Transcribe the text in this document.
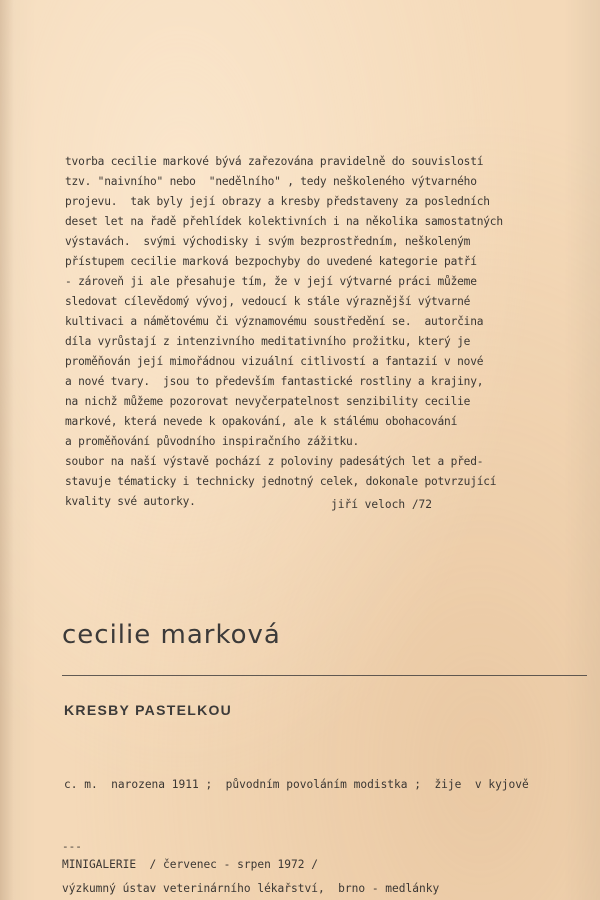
tvorba cecilie markové bývá zařezována pravidelně do souvislostí
tzv. "naivního" nebo  "nedělního" , tedy neškoleného výtvarného
projevu.  tak byly její obrazy a kresby představeny za posledních
deset let na řadě přehlídek kolektivních i na několika samostatných
výstavách.  svými východisky i svým bezprostředním, neškoleným
přístupem cecilie marková bezpochyby do uvedené kategorie patří
- zároveň ji ale přesahuje tím, že v její výtvarné práci můžeme
sledovat cílevědomý vývoj, vedoucí k stále výraznější výtvarné
kultivaci a námětovému či významovému soustředění se.  autorčina
díla vyrůstají z intenzivního meditativního prožitku, který je
proměňován její mimořádnou vizuální citlivostí a fantazií v nové
a nové tvary.  jsou to především fantastické rostliny a krajiny,
na nichž můžeme pozorovat nevyčerpatelnost senzibility cecilie
markové, která nevede k opakování, ale k stálému obohacování
a proměňování původního inspiračního zážitku.
soubor na naší výstavě pochází z poloviny padesátých let a před-
stavuje tématicky i technicky jednotný celek, dokonale potvrzující
kvality své autorky.	jiří veloch /72
cecilie marková
KRESBY PASTELKOU
c. m.  narozena 1911 ;  původním povoláním modistka ;  žije  v kyjově
---
MINIGALERIE  / červenec - srpen 1972 /
výzkumný ústav veterinárního lékařství,  brno - medlánky
